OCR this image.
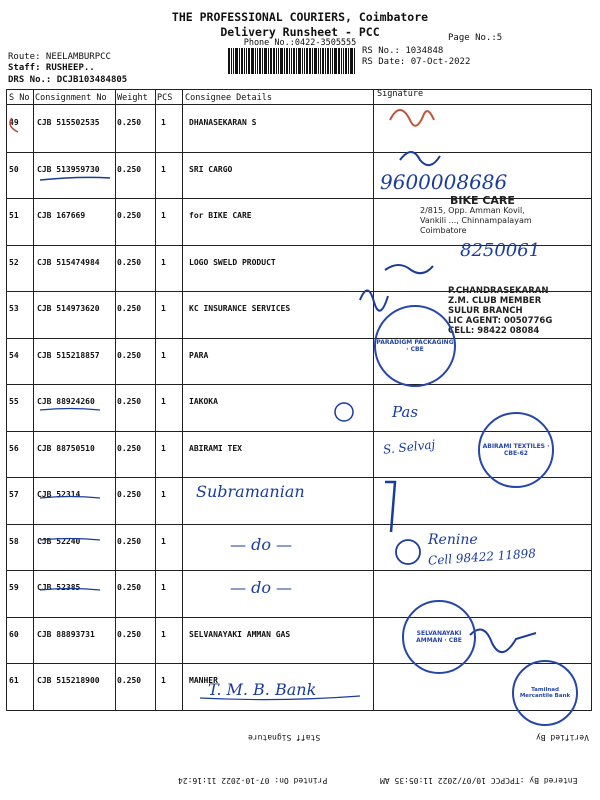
THE PROFESSIONAL COURIERS, Coimbatore
Delivery Runsheet - PCC
Phone No.:0422-3505555	Page No.:5
Route: NEELAMBURPCC
Staff: RUSHEEP..
DRS No.: DCJB103484805
RS No.: 1034848
RS Date: 07-Oct-2022
S No Consignment No Weight PCS Consignee Details	Signature
49 CJB 515502535 0.250 1	DHANASEKARAN S
50 CJB 513959730 0.250 1	SRI CARGO
51 CJB 167669	0.250 1	for BIKE CARE
52 CJB 515474984 0.250 1	LOGO SWELD PRODUCT
53 CJB 514973620 0.250 1	KC INSURANCE SERVICES
54 CJB 515218857 0.250 1	PARA
55 CJB 88924260	0.250 1	IAKOKA
56 CJB 88750510	0.250 1	ABIRAMI TEX
57 CJB 52314	0.250 1
58 CJB 52240	0.250 1
59 CJB 52385	0.250 1
60 CJB 88893731	0.250 1	SELVANAYAKI AMMAN GAS
61 CJB 515218900 0.250 1	MANHER
9600008686
8250061
Pas
S. Selvaj
Subramanian
— do —	Renine
Cell 98422 11898
— do —
T. M. B. Bank
BIKE CARE
2/815, Opp. Amman Kovil,
Vankili ..., Chinnampalayam
Coimbatore
P.CHANDRASEKARAN
Z.M. CLUB MEMBER
SULUR BRANCH
LIC AGENT: 0050776G
CELL: 98422 08084
PARADIGM PACKAGING · CBE
ABIRAMI TEXTILES · CBE-62
SELVANAYAKI AMMAN · CBE
Tamilnad Mercantile Bank
Verified By
Staff Signature
Entered By :TPCPCC 10/07/2022 11:05:35 AM
Printed On: 07-10-2022 11:16:24
